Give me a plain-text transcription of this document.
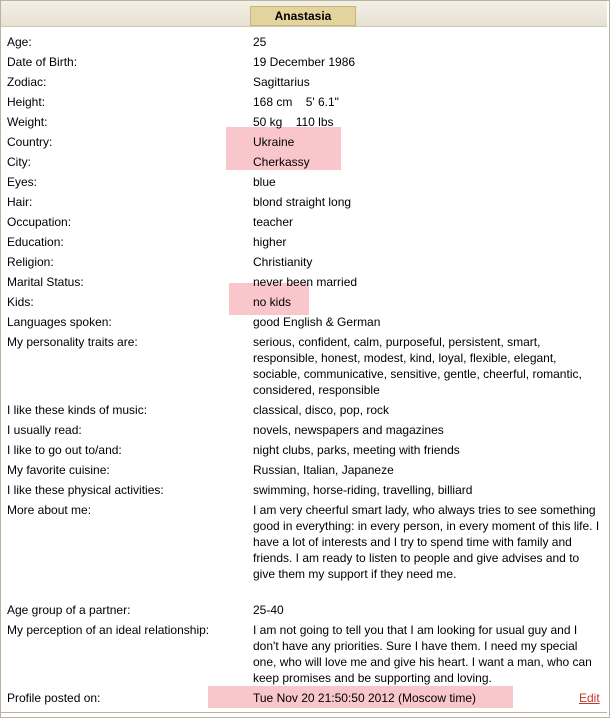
Anastasia
Age:	25
Date of Birth:	19 December 1986
Zodiac:	Sagittarius
Height:	168 cm    5' 6.1"
Weight:	50 kg    110 lbs
Country:	Ukraine
City:	Cherkassy
Eyes:	blue
Hair:	blond straight long
Occupation:	teacher
Education:	higher
Religion:	Christianity
Marital Status:	never been married
Kids:	no kids
Languages spoken:	good English & German
My personality traits are:	serious, confident, calm, purposeful, persistent, smart, responsible, honest, modest, kind, loyal, flexible, elegant, sociable, communicative, sensitive, gentle, cheerful, romantic, considered, responsible
I like these kinds of music:	classical, disco, pop, rock
I usually read:	novels, newspapers and magazines
I like to go out to/and:	night clubs, parks, meeting with friends
My favorite cuisine:	Russian, Italian, Japaneze
I like these physical activities:	swimming, horse-riding, travelling, billiard
More about me:	I am very cheerful smart lady, who always tries to see something good in everything: in every person, in every moment of this life. I have a lot of interests and I try to spend time with family and friends. I am ready to listen to people and give advises and to give them my support if they need me.
Age group of a partner:	25-40
My perception of an ideal relationship:	I am not going to tell you that I am looking for usual guy and I don't have any priorities. Sure I have them. I need my special one, who will love me and give his heart. I want a man, who can keep promises and be supporting and loving.
Profile posted on:	Tue Nov 20 21:50:50 2012 (Moscow time)	Edit
